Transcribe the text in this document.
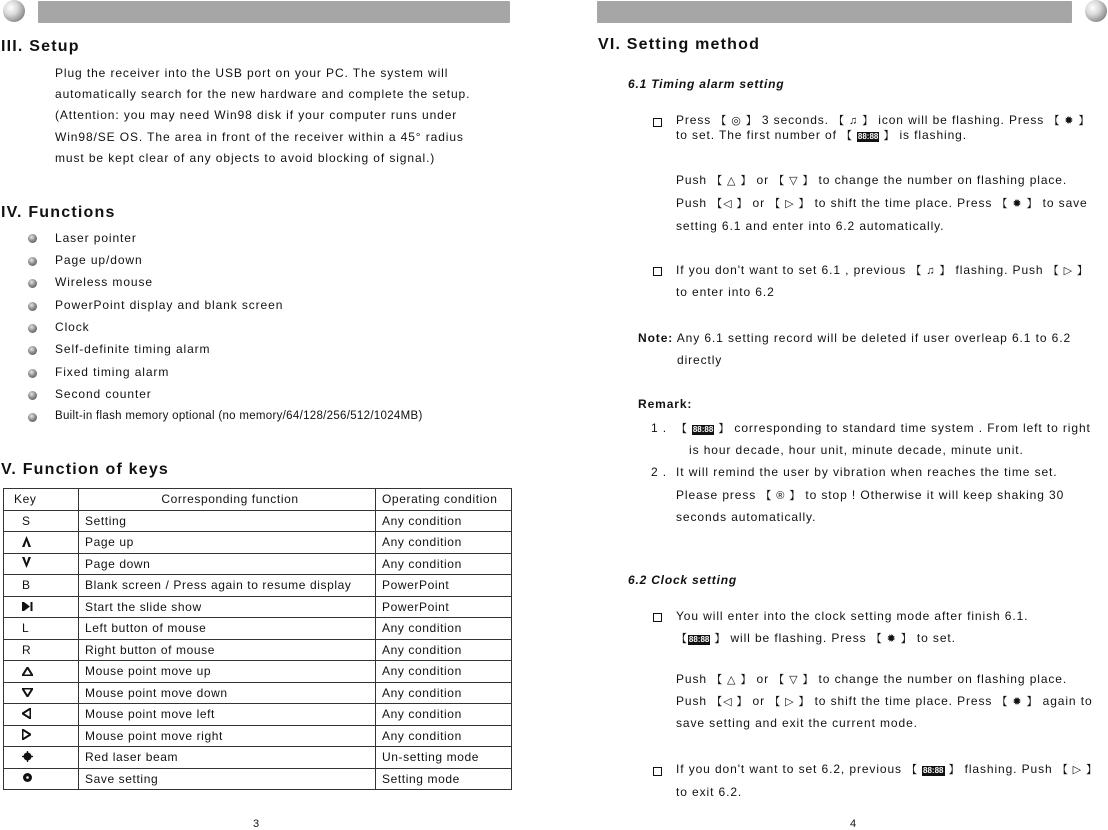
III. Setup
Plug the receiver into the USB port on your PC. The system will
automatically search for the new hardware and complete the setup.
(Attention: you may need Win98 disk if your computer runs under
Win98/SE OS. The area in front of the receiver within a 45° radius
must be kept clear of any objects to avoid blocking of signal.)
IV. Functions
Laser pointer
Page up/down
Wireless mouse
PowerPoint display and blank screen
Clock
Self-definite timing alarm
Fixed timing alarm
Second counter
Built-in flash memory optional (no memory/64/128/256/512/1024MB)
V. Function of keys
Key	Corresponding function	Operating condition
S	Setting	Any condition
	Page up	Any condition
	Page down	Any condition
B	Blank screen / Press again to resume display	PowerPoint
	Start the slide show	PowerPoint
L	Left button of mouse	Any condition
R	Right button of mouse	Any condition
	Mouse point move up	Any condition
	Mouse point move down	Any condition
	Mouse point move left	Any condition
	Mouse point move right	Any condition
	Red laser beam	Un-setting mode
	Save setting	Setting mode
3
VI. Setting method
6.1 Timing alarm setting
Press 【 ◎ 】 3 seconds. 【 ♫ 】 icon will be flashing. Press 【 ✹ 】
to set. The first number of 【 88:88 】 is flashing.
Push 【 △ 】 or 【 ▽ 】 to change the number on flashing place.
Push 【◁ 】 or 【 ▷ 】 to shift the time place. Press 【 ✹ 】 to save
setting 6.1 and enter into 6.2 automatically.
If you don't want to set 6.1 , previous 【 ♫ 】 flashing. Push 【 ▷ 】
to enter into 6.2
Note: Any 6.1 setting record will be deleted if user overleap 6.1 to 6.2
directly
Remark:
1 . 【 88:88 】 corresponding to standard time system . From left to right
is hour decade, hour unit, minute decade, minute unit.
2 . It will remind the user by vibration when reaches the time set.
Please press 【 ® 】 to stop ! Otherwise it will keep shaking 30
seconds automatically.
6.2 Clock setting
You will enter into the clock setting mode after finish 6.1.
【88:88 】 will be flashing. Press 【 ✹ 】 to set.
Push 【 △ 】 or 【 ▽ 】 to change the number on flashing place.
Push 【◁ 】 or 【 ▷ 】 to shift the time place. Press 【 ✹ 】 again to
save setting and exit the current mode.
If you don't want to set 6.2, previous 【 88:88 】 flashing. Push 【 ▷ 】
to exit 6.2.
4
